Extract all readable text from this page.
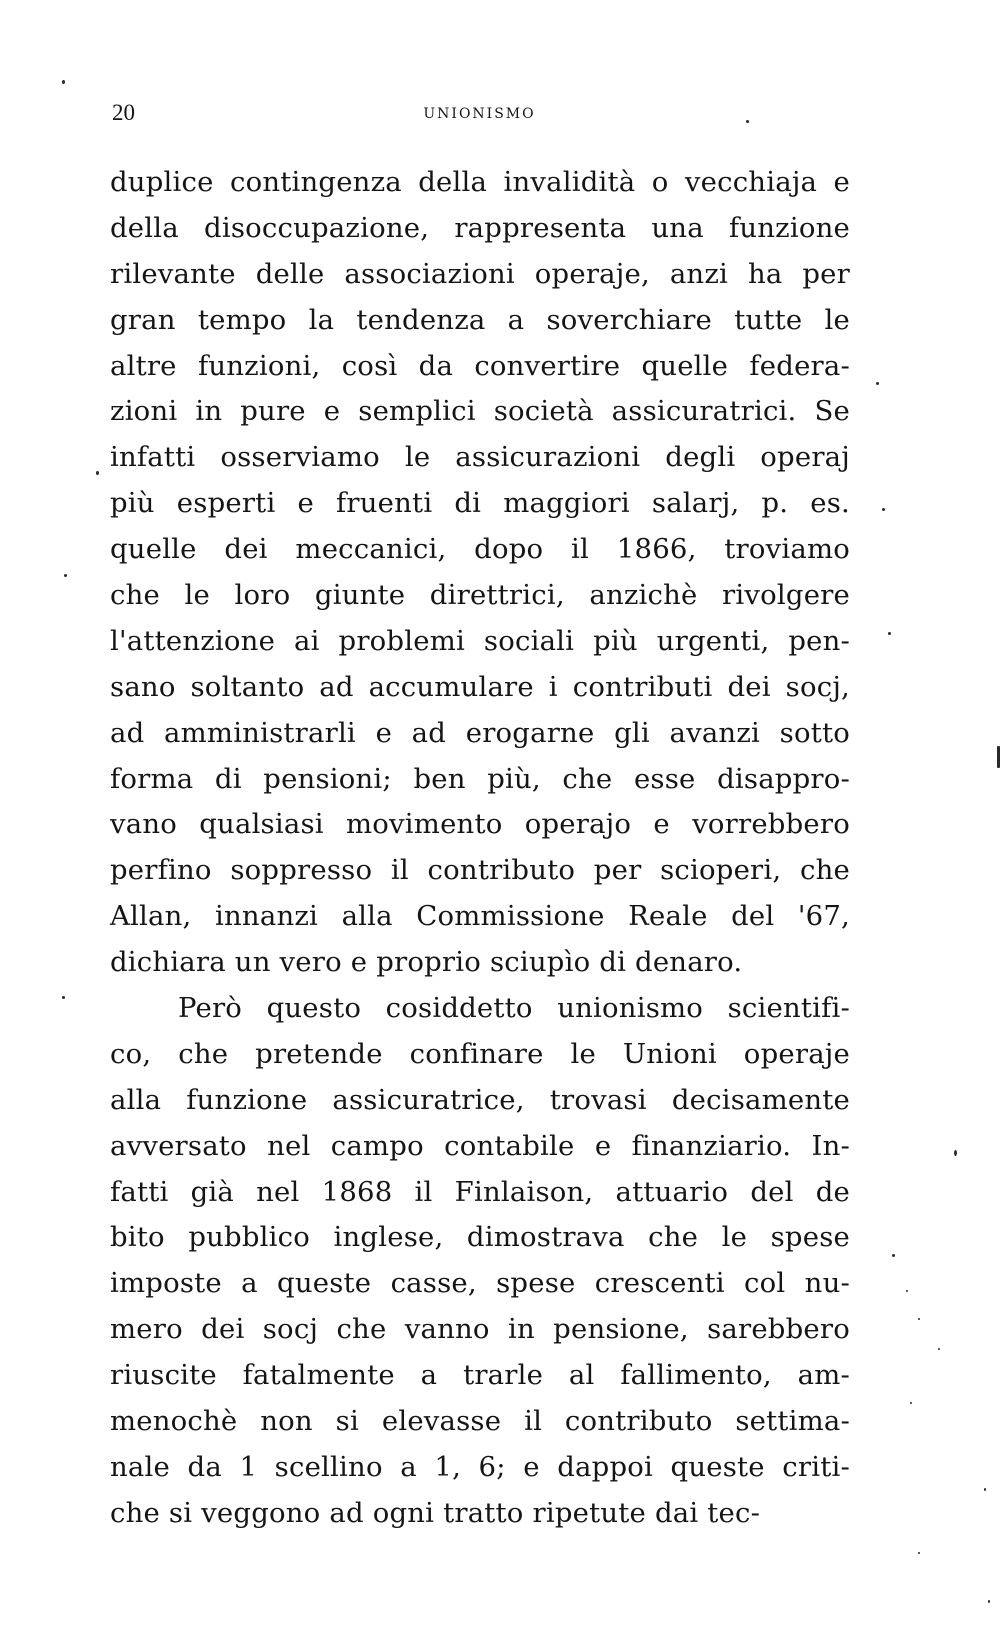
20	UNIONISMO
duplice contingenza della invalidità o vecchiaja e
della disoccupazione, rappresenta una funzione
rilevante delle associazioni operaje, anzi ha per
gran tempo la tendenza a soverchiare tutte le
altre funzioni, così da convertire quelle federa-
zioni in pure e semplici società assicuratrici. Se
infatti osserviamo le assicurazioni degli operaj
più esperti e fruenti di maggiori salarj, p. es.
quelle dei meccanici, dopo il 1866, troviamo
che le loro giunte direttrici, anzichè rivolgere
l'attenzione ai problemi sociali più urgenti, pen-
sano soltanto ad accumulare i contributi dei socj,
ad amministrarli e ad erogarne gli avanzi sotto
forma di pensioni; ben più, che esse disappro-
vano qualsiasi movimento operajo e vorrebbero
perfino soppresso il contributo per scioperi, che
Allan, innanzi alla Commissione Reale del '67,
dichiara un vero e proprio sciupìo di denaro.
Però questo cosiddetto unionismo scientifi-
co, che pretende confinare le Unioni operaje
alla funzione assicuratrice, trovasi decisamente
avversato nel campo contabile e finanziario. In-
fatti già nel 1868 il Finlaison, attuario del de
bito pubblico inglese, dimostrava che le spese
imposte a queste casse, spese crescenti col nu-
mero dei socj che vanno in pensione, sarebbero
riuscite fatalmente a trarle al fallimento, am-
menochè non si elevasse il contributo settima-
nale da 1 scellino a 1, 6; e dappoi queste criti-
che si veggono ad ogni tratto ripetute dai tec-
